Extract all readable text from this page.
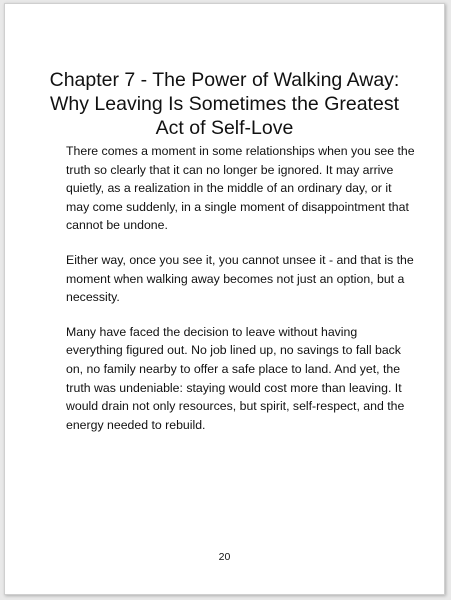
Chapter 7 - The Power of Walking Away:
Why Leaving Is Sometimes the Greatest
Act of Self-Love

There comes a moment in some relationships when you see the
truth so clearly that it can no longer be ignored. It may arrive
quietly, as a realization in the middle of an ordinary day, or it
may come suddenly, in a single moment of disappointment that
cannot be undone.

Either way, once you see it, you cannot unsee it - and that is the
moment when walking away becomes not just an option, but a
necessity.

Many have faced the decision to leave without having
everything figured out. No job lined up, no savings to fall back
on, no family nearby to offer a safe place to land. And yet, the
truth was undeniable: staying would cost more than leaving. It
would drain not only resources, but spirit, self-respect, and the
energy needed to rebuild.

20
